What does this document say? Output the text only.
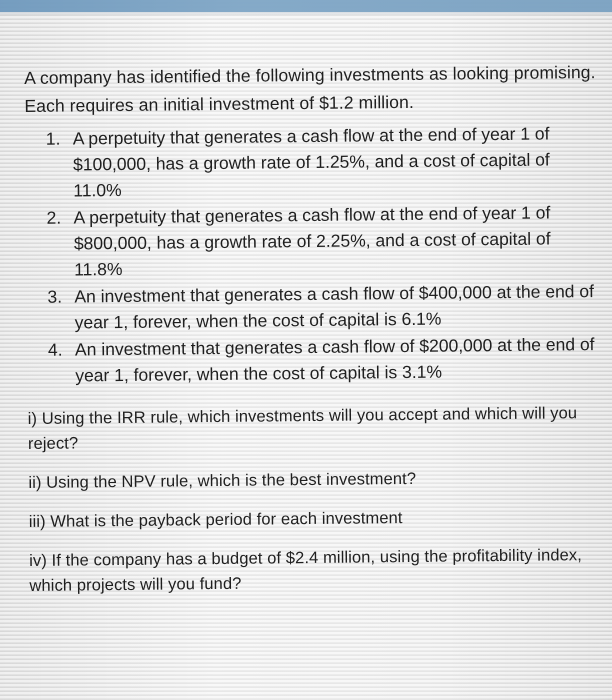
A company has identified the following investments as looking promising. Each requires an initial investment of $1.2 million.

1. A perpetuity that generates a cash flow at the end of year 1 of $100,000, has a growth rate of 1.25%, and a cost of capital of 11.0%
2. A perpetuity that generates a cash flow at the end of year 1 of $800,000, has a growth rate of 2.25%, and a cost of capital of 11.8%
3. An investment that generates a cash flow of $400,000 at the end of year 1, forever, when the cost of capital is 6.1%
4. An investment that generates a cash flow of $200,000 at the end of year 1, forever, when the cost of capital is 3.1%

i) Using the IRR rule, which investments will you accept and which will you reject?

ii) Using the NPV rule, which is the best investment?

iii) What is the payback period for each investment

iv) If the company has a budget of $2.4 million, using the profitability index, which projects will you fund?
